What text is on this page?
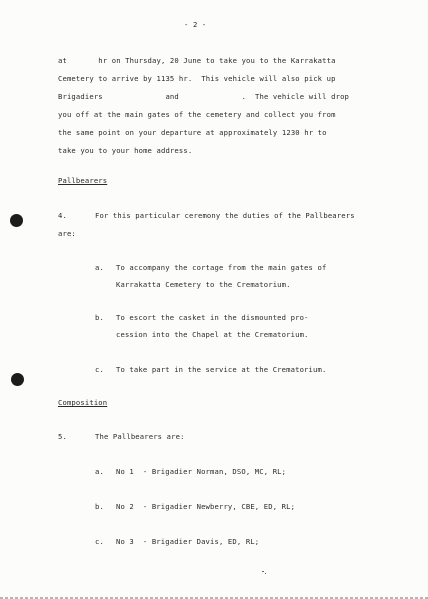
- 2 -
at       hr on Thursday, 20 June to take you to the Karrakatta
Cemetery to arrive by 1135 hr.  This vehicle will also pick up
Brigadiers              and              .  The vehicle will drop
you off at the main gates of the cemetery and collect you from
the same point on your departure at approximately 1230 hr to
take you to your home address.
Pallbearers
4.	For this particular ceremony the duties of the Pallbearers
are:
a. To accompany the cortage from the main gates of
Karrakatta Cemetery to the Crematorium.
b. To escort the casket in the dismounted pro-
cession into the Chapel at the Crematorium.
c. To take part in the service at the Crematorium.
Composition
5.	The Pallbearers are:
a. No 1  - Brigadier Norman, DSO, MC, RL;
b. No 2  - Brigadier Newberry, CBE, ED, RL;
c. No 3  - Brigadier Davis, ED, RL;
